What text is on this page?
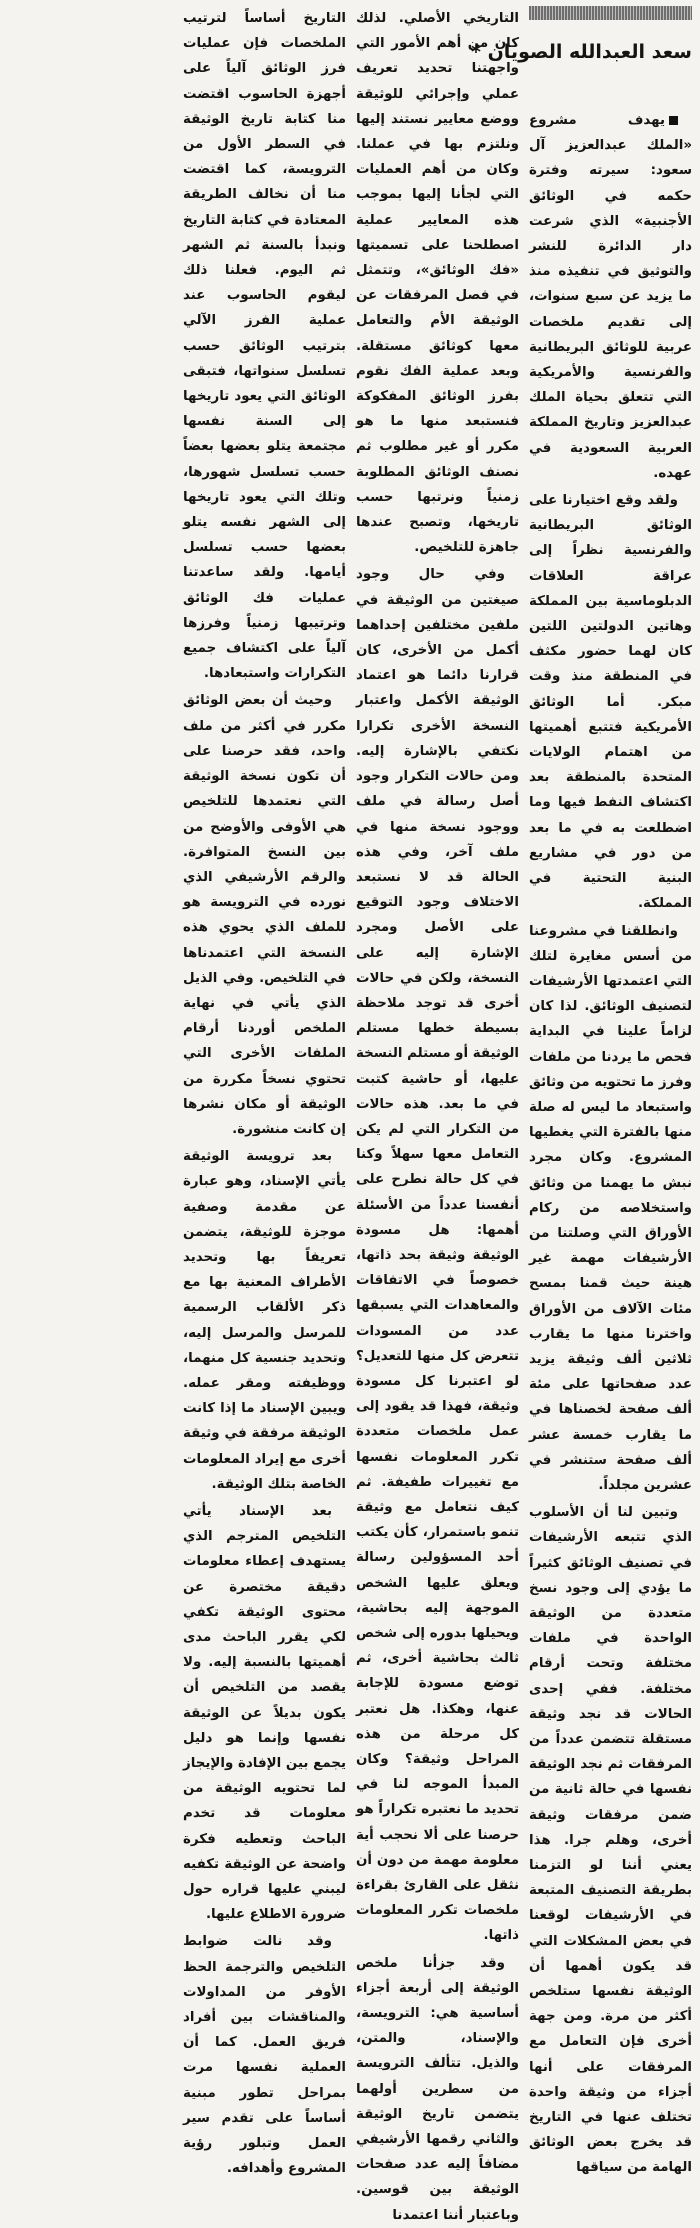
سعد العبدالله الصويان *

يهدف مشروع «الملك عبدالعزيز آل سعود: سيرته وفترة حكمه في الوثائق الأجنبية» الذي شرعت دار الدائرة للنشر والتوثيق في تنفيذه منذ ما يزيد عن سبع سنوات، إلى تقديم ملخصات عربية للوثائق البريطانية والفرنسية والأمريكية التي تتعلق بحياة الملك عبدالعزيز وتاريخ المملكة العربية السعودية في عهده.

ولقد وقع اختيارنا على الوثائق البريطانية والفرنسية نظراً إلى عراقة العلاقات الدبلوماسية بين المملكة وهاتين الدولتين اللتين كان لهما حضور مكثف في المنطقة منذ وقت مبكر. أما الوثائق الأمريكية فتتبع أهميتها من اهتمام الولايات المتحدة بالمنطقة بعد اكتشاف النفط فيها وما اضطلعت به في ما بعد من دور في مشاريع البنية التحتية في المملكة.

وانطلقنا في مشروعنا من أسس مغايرة لتلك التي اعتمدتها الأرشيفات لتصنيف الوثائق. لذا كان لزاماً علينا في البداية فحص ما يردنا من ملفات وفرز ما تحتويه من وثائق واستبعاد ما ليس له صلة منها بالفترة التي يغطيها المشروع. وكان مجرد نبش ما يهمنا من وثائق واستخلاصه من ركام الأوراق التي وصلتنا من الأرشيفات مهمة غير هينة حيث قمنا بمسح مئات الآلاف من الأوراق واخترنا منها ما يقارب ثلاثين ألف وثيقة يزيد عدد صفحاتها على مئة ألف صفحة لخصناها في ما يقارب خمسة عشر ألف صفحة ستنشر في عشرين مجلداً.

وتبين لنا أن الأسلوب الذي تتبعه الأرشيفات في تصنيف الوثائق كثيراً ما يؤدي إلى وجود نسخ متعددة من الوثيقة الواحدة في ملفات مختلفة وتحت أرقام مختلفة. ففي إحدى الحالات قد نجد وثيقة مستقلة تتضمن عدداً من المرفقات ثم نجد الوثيقة نفسها في حالة ثانية من ضمن مرفقات وثيقة أخرى، وهلم جرا. هذا يعني أننا لو التزمنا بطريقة التصنيف المتبعة في الأرشيفات لوقعنا في بعض المشكلات التي قد يكون أهمها أن الوثيقة نفسها ستلخص أكثر من مرة. ومن جهة أخرى فإن التعامل مع المرفقات على أنها أجزاء من وثيقة واحدة تختلف عنها في التاريخ قد يخرج بعض الوثائق الهامة من سياقها

التاريخي الأصلي. لذلك كان من أهم الأمور التي واجهتنا تحديد تعريف عملي وإجرائي للوثيقة ووضع معايير نستند إليها ونلتزم بها في عملنا. وكان من أهم العمليات التي لجأنا إليها بموجب هذه المعايير عملية اصطلحنا على تسميتها «فك الوثائق»، وتتمثل في فصل المرفقات عن الوثيقة الأم والتعامل معها كوثائق مستقلة. وبعد عملية الفك نقوم بفرز الوثائق المفكوكة فنستبعد منها ما هو مكرر أو غير مطلوب ثم نصنف الوثائق المطلوبة زمنياً ونرتبها حسب تاريخها، وتصبح عندها جاهزة للتلخيص.

وفي حال وجود صيغتين من الوثيقة في ملفين مختلفين إحداهما أكمل من الأخرى، كان قرارنا دائما هو اعتماد الوثيقة الأكمل واعتبار النسخة الأخرى تكرارا نكتفي بالإشارة إليه. ومن حالات التكرار وجود أصل رسالة في ملف ووجود نسخة منها في ملف آخر، وفي هذه الحالة قد لا نستبعد الاختلاف وجود التوقيع على الأصل ومجرد الإشارة إليه على النسخة، ولكن في حالات أخرى قد توجد ملاحظة بسيطة خطها مستلم الوثيقة أو مستلم النسخة عليها، أو حاشية كتبت في ما بعد. هذه حالات من التكرار التي لم يكن التعامل معها سهلاً وكنا في كل حالة نطرح على أنفسنا عدداً من الأسئلة أهمها: هل مسودة الوثيقة وثيقة بحد ذاتها، خصوصاً في الاتفاقات والمعاهدات التي يسبقها عدد من المسودات تتعرض كل منها للتعديل؟ لو اعتبرنا كل مسودة وثيقة، فهذا قد يقود إلى عمل ملخصات متعددة تكرر المعلومات نفسها مع تغييرات طفيفة. ثم كيف نتعامل مع وثيقة تنمو باستمرار، كأن يكتب أحد المسؤولين رسالة ويعلق عليها الشخص الموجهة إليه بحاشية، ويحيلها بدوره إلى شخص ثالث بحاشية أخرى، ثم توضع مسودة للإجابة عنها، وهكذا. هل نعتبر كل مرحلة من هذه المراحل وثيقة؟ وكان المبدأ الموجه لنا في تحديد ما نعتبره تكراراً هو حرصنا على ألا نحجب أية معلومة مهمة من دون أن نثقل على القارئ بقراءة ملخصات تكرر المعلومات ذاتها.

وقد جزأنا ملخص الوثيقة إلى أربعة أجزاء أساسية هي: الترويسة، والإسناد، والمتن، والذيل. تتألف الترويسة من سطرين أولهما يتضمن تاريخ الوثيقة والثاني رقمها الأرشيفي مضافاً إليه عدد صفحات الوثيقة بين قوسين. وباعتبار أننا اعتمدنا

التاريخ أساساً لترتيب الملخصات فإن عمليات فرز الوثائق آلياً على أجهزة الحاسوب اقتضت منا كتابة تاريخ الوثيقة في السطر الأول من الترويسة، كما اقتضت منا أن نخالف الطريقة المعتادة في كتابة التاريخ ونبدأ بالسنة ثم الشهر ثم اليوم. فعلنا ذلك ليقوم الحاسوب عند عملية الفرز الآلي بترتيب الوثائق حسب تسلسل سنواتها، فتبقى الوثائق التي يعود تاريخها إلى السنة نفسها مجتمعة يتلو بعضها بعضاً حسب تسلسل شهورها، وتلك التي يعود تاريخها إلى الشهر نفسه يتلو بعضها حسب تسلسل أيامها. ولقد ساعدتنا عمليات فك الوثائق وترتيبها زمنياً وفرزها آلياً على اكتشاف جميع التكرارات واستبعادها.

وحيث أن بعض الوثائق مكرر في أكثر من ملف واحد، فقد حرصنا على أن تكون نسخة الوثيقة التي نعتمدها للتلخيص هي الأوفى والأوضح من بين النسخ المتوافرة. والرقم الأرشيفي الذي نورده في الترويسة هو للملف الذي يحوي هذه النسخة التي اعتمدناها في التلخيص. وفي الذيل الذي يأتي في نهاية الملخص أوردنا أرقام الملفات الأخرى التي تحتوي نسخاً مكررة من الوثيقة أو مكان نشرها إن كانت منشورة.

بعد ترويسة الوثيقة يأتي الإسناد، وهو عبارة عن مقدمة وصفية موجزة للوثيقة، يتضمن تعريفاً بها وتحديد الأطراف المعنية بها مع ذكر الألقاب الرسمية للمرسل والمرسل إليه، وتحديد جنسية كل منهما، ووظيفته ومقر عمله. ويبين الإسناد ما إذا كانت الوثيقة مرفقة في وثيقة أخرى مع إيراد المعلومات الخاصة بتلك الوثيقة.

بعد الإسناد يأتي التلخيص المترجم الذي يستهدف إعطاء معلومات دقيقة مختصرة عن محتوى الوثيقة تكفي لكي يقرر الباحث مدى أهميتها بالنسبة إليه. ولا يقصد من التلخيص أن يكون بديلاً عن الوثيقة نفسها وإنما هو دليل يجمع بين الإفادة والإيجاز لما تحتويه الوثيقة من معلومات قد تخدم الباحث وتعطيه فكرة واضحة عن الوثيقة تكفيه ليبني عليها قراره حول ضرورة الاطلاع عليها.

وقد نالت ضوابط التلخيص والترجمة الحظ الأوفر من المداولات والمناقشات بين أفراد فريق العمل. كما أن العملية نفسها مرت بمراحل تطور مبنية أساساً على تقدم سير العمل وتبلور رؤية المشروع وأهدافه.
